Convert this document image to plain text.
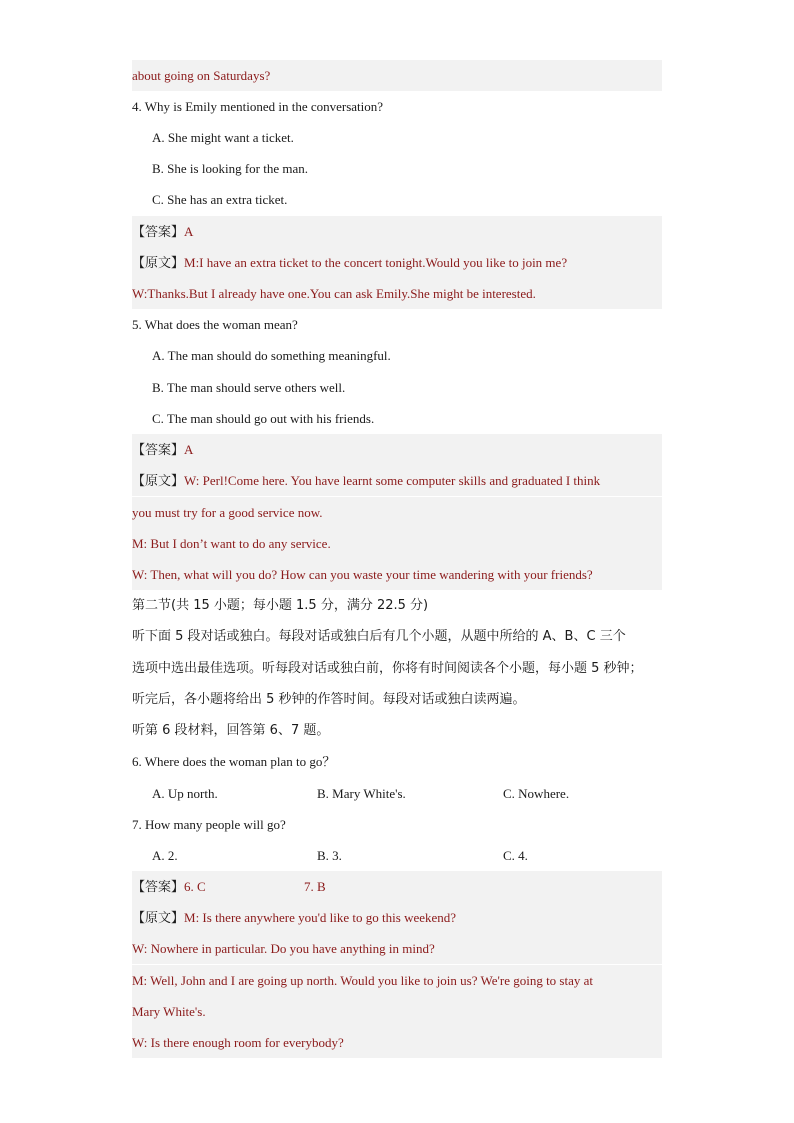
about going on Saturdays?
4. Why is Emily mentioned in the conversation?
A. She might want a ticket.
B. She is looking for the man.
C. She has an extra ticket.
【答案】A
【原文】M:I have an extra ticket to the concert tonight.Would you like to join me?
W:Thanks.But I already have one.You can ask Emily.She might be interested.
5. What does the woman mean?
A. The man should do something meaningful.
B. The man should serve others well.
C. The man should go out with his friends.
【答案】A
【原文】W: Perl!Come here. You have learnt some computer skills and graduated I think
you must try for a good service now.
M: But I don’t want to do any service.
W: Then, what will you do? How can you waste your time wandering with your friends?
第二节(共 15 小题；每小题 1.5 分，满分 22.5 分)
听下面 5 段对话或独白。每段对话或独白后有几个小题，从题中所给的 A、B、C 三个
选项中选出最佳选项。听每段对话或独白前，你将有时间阅读各个小题，每小题 5 秒钟；
听完后，各小题将给出 5 秒钟的作答时间。每段对话或独白读两遍。
听第 6 段材料，回答第 6、7 题。
6. Where does the woman plan to go？
A. Up north.	B. Mary White's.	C. Nowhere.
7. How many people will go?
A. 2.	B. 3.	C. 4.
【答案】6. C	7. B
【原文】M: Is there anywhere you'd like to go this weekend?
W: Nowhere in particular. Do you have anything in mind?
M: Well, John and I are going up north. Would you like to join us? We're going to stay at
Mary White's.
W: Is there enough room for everybody?
